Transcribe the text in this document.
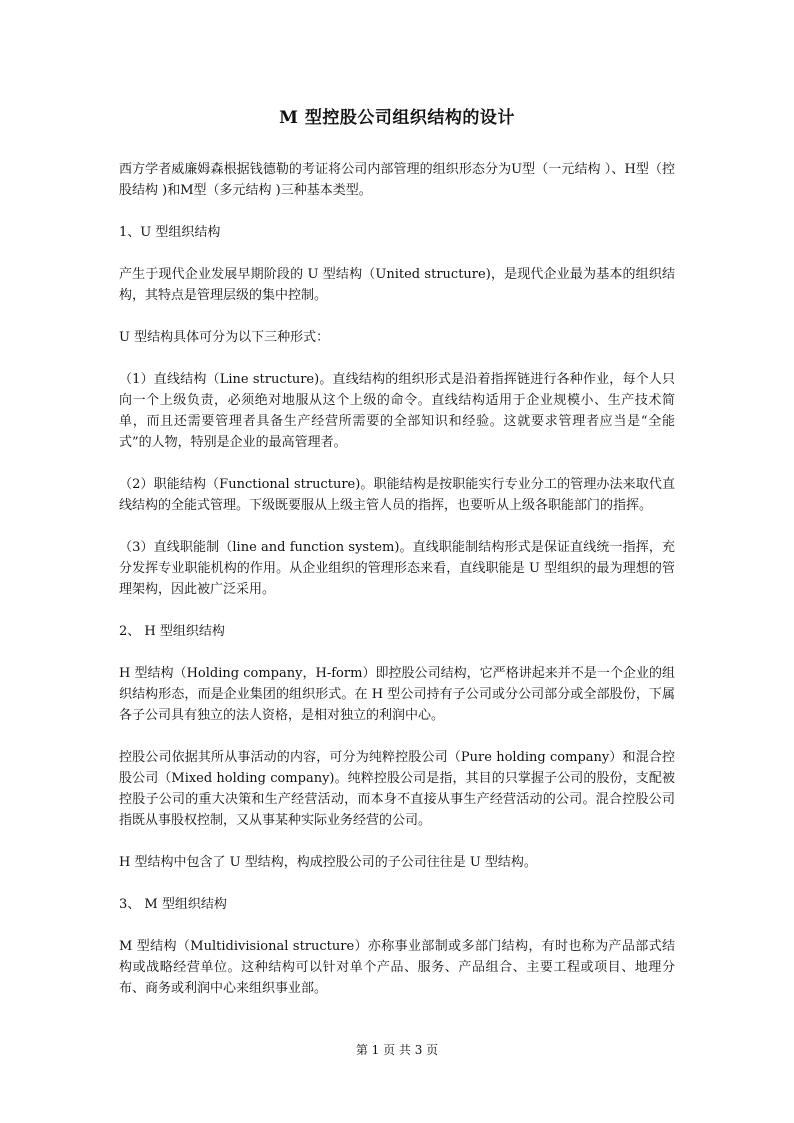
M 型控股公司组织结构的设计

西方学者威廉姆森根据钱德勒的考证将公司内部管理的组织形态分为U型（一元结构 ）、H型（控股结构 )和M型（多元结构 )三种基本类型。

1、U 型组织结构

产生于现代企业发展早期阶段的 U 型结构（United structure)，是现代企业最为基本的组织结构，其特点是管理层级的集中控制。

U 型结构具体可分为以下三种形式：

（1）直线结构（Line structure)。直线结构的组织形式是沿着指挥链进行各种作业，每个人只向一个上级负责，必须绝对地服从这个上级的命令。直线结构适用于企业规模小、生产技术简单，而且还需要管理者具备生产经营所需要的全部知识和经验。这就要求管理者应当是“全能式”的人物，特别是企业的最高管理者。

（2）职能结构（Functional structure)。职能结构是按职能实行专业分工的管理办法来取代直线结构的全能式管理。下级既要服从上级主管人员的指挥，也要听从上级各职能部门的指挥。

（3）直线职能制（line and function system)。直线职能制结构形式是保证直线统一指挥，充分发挥专业职能机构的作用。从企业组织的管理形态来看，直线职能是 U 型组织的最为理想的管理架构，因此被广泛采用。

2、 H 型组织结构

H 型结构（Holding company，H-form）即控股公司结构，它严格讲起来并不是一个企业的组织结构形态，而是企业集团的组织形式。在 H 型公司持有子公司或分公司部分或全部股份，下属各子公司具有独立的法人资格，是相对独立的利润中心。

控股公司依据其所从事活动的内容，可分为纯粹控股公司（Pure holding company）和混合控股公司（Mixed holding company)。纯粹控股公司是指，其目的只掌握子公司的股份，支配被控股子公司的重大决策和生产经营活动，而本身不直接从事生产经营活动的公司。混合控股公司指既从事股权控制，又从事某种实际业务经营的公司。

H 型结构中包含了 U 型结构，构成控股公司的子公司往往是 U 型结构。

3、 M 型组织结构

M 型结构（Multidivisional structure）亦称事业部制或多部门结构，有时也称为产品部式结构或战略经营单位。这种结构可以针对单个产品、服务、产品组合、主要工程或项目、地理分布、商务或利润中心来组织事业部。

第 1 页 共 3 页
